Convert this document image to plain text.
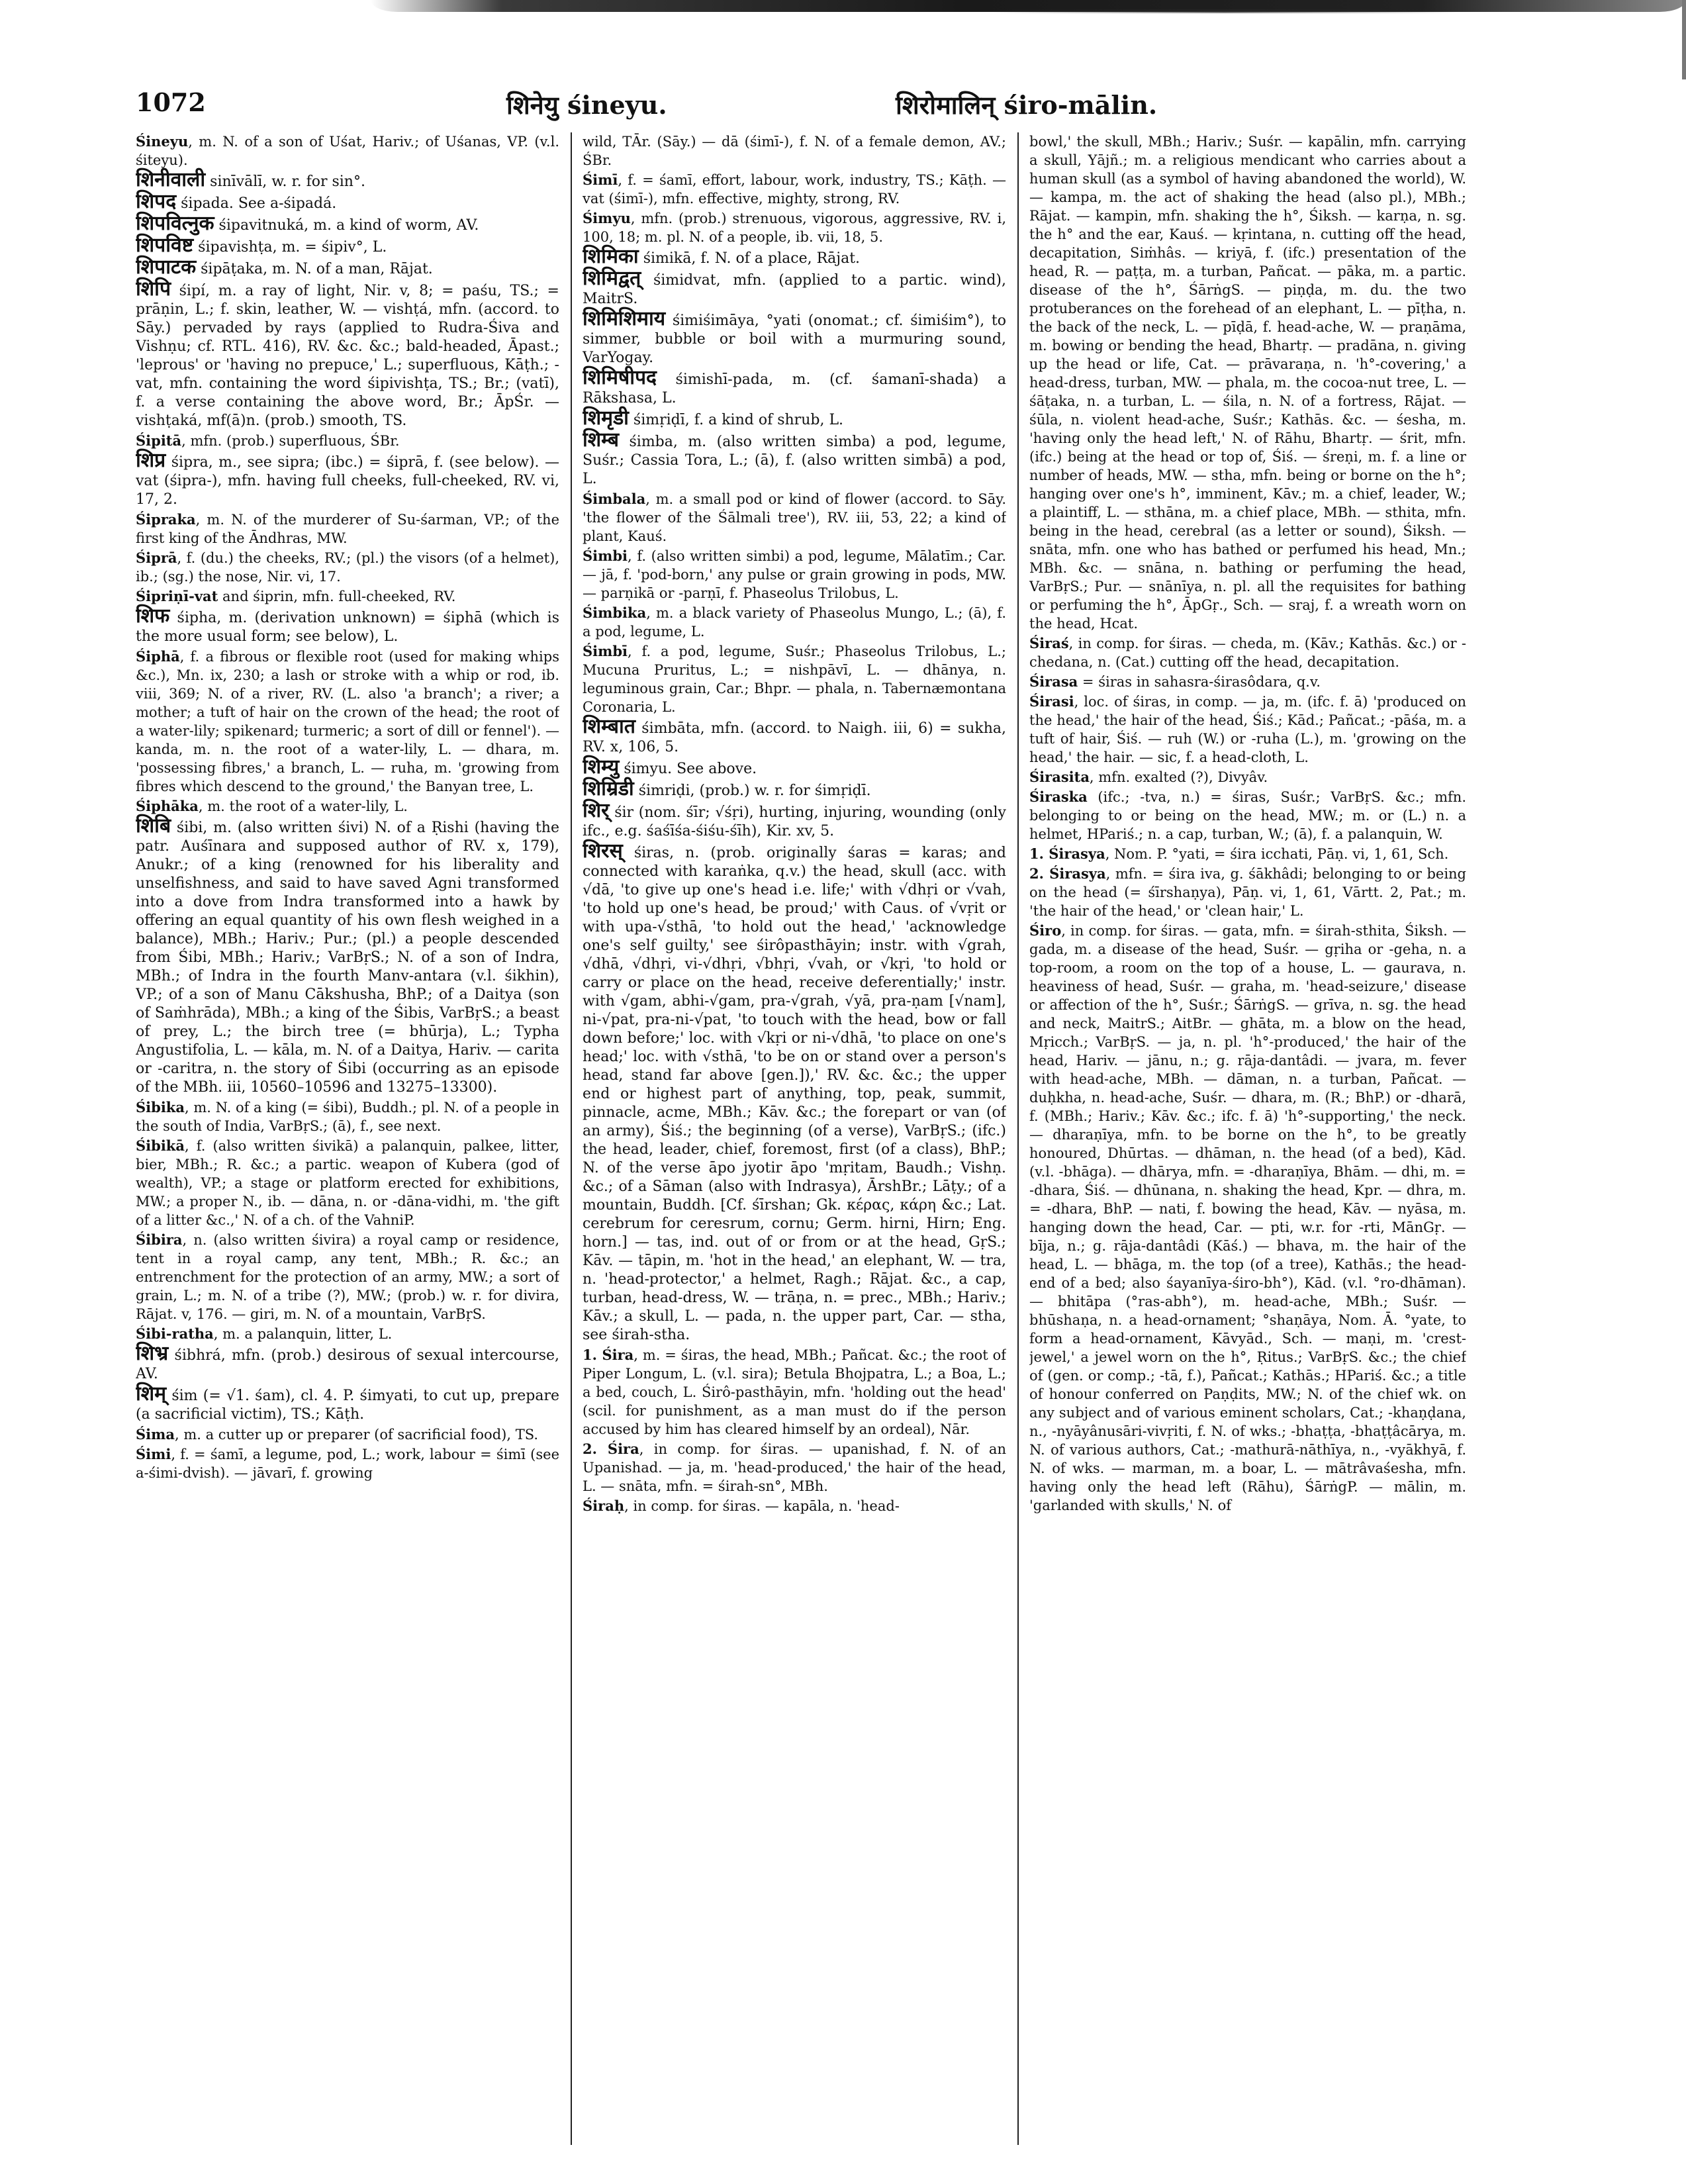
1072	शिनेयु śineyu.	शिरोमालिन् śiro-mālin.

Śineyu, m. N. of a son of Uśat, Hariv.; of Uśanas, VP. (v.l. śiteyu).

शिनीवाली sinīvālī, w. r. for sin°.

शिपद śipada. See a-śipadá.

शिपवित्नुक śipavitnuká, m. a kind of worm, AV.

शिपविष्ट śipavishṭa, m. = śipiv°, L.

शिपाटक śipāṭaka, m. N. of a man, Rājat.

शिपि śipí, m. a ray of light, Nir. v, 8; = paśu, TS.; = prāṇin, L.; f. skin, leather, W. — vishṭá, mfn. (accord. to Sāy.) pervaded by rays (applied to Rudra-Śiva and Vishṇu; cf. RTL. 416), RV. &c. &c.; bald-headed, Āpast.; 'leprous' or 'having no prepuce,' L.; superfluous, Kāṭh.; -vat, mfn. containing the word śipivishṭa, TS.; Br.; (vatī), f. a verse containing the above word, Br.; ĀpŚr. — vishṭaká, mf(ā)n. (prob.) smooth, TS.

Śipitā, mfn. (prob.) superfluous, ŚBr.

शिप्र śipra, m., see sipra; (ibc.) = śiprā, f. (see below). — vat (śipra-), mfn. having full cheeks, full-cheeked, RV. vi, 17, 2.

Śipraka, m. N. of the murderer of Su-śarman, VP.; of the first king of the Āndhras, MW.

Śiprā, f. (du.) the cheeks, RV.; (pl.) the visors (of a helmet), ib.; (sg.) the nose, Nir. vi, 17.

Śipriṇī-vat and śiprin, mfn. full-cheeked, RV.

शिफ śipha, m. (derivation unknown) = śiphā (which is the more usual form; see below), L.

Śiphā, f. a fibrous or flexible root (used for making whips &c.), Mn. ix, 230; a lash or stroke with a whip or rod, ib. viii, 369; N. of a river, RV. (L. also 'a branch'; a river; a mother; a tuft of hair on the crown of the head; the root of a water-lily; spikenard; turmeric; a sort of dill or fennel'). — kanda, m. n. the root of a water-lily, L. — dhara, m. 'possessing fibres,' a branch, L. — ruha, m. 'growing from fibres which descend to the ground,' the Banyan tree, L.

Śiphāka, m. the root of a water-lily, L.

शिबि śibi, m. (also written śivi) N. of a Ṛishi (having the patr. Auśīnara and supposed author of RV. x, 179), Anukr.; of a king (renowned for his liberality and unselfishness, and said to have saved Agni transformed into a dove from Indra transformed into a hawk by offering an equal quantity of his own flesh weighed in a balance), MBh.; Hariv.; Pur.; (pl.) a people descended from Śibi, MBh.; Hariv.; VarBṛS.; N. of a son of Indra, MBh.; of Indra in the fourth Manv-antara (v.l. śikhin), VP.; of a son of Manu Cākshusha, BhP.; of a Daitya (son of Saṁhrāda), MBh.; a king of the Śibis, VarBṛS.; a beast of prey, L.; the birch tree (= bhūrja), L.; Typha Angustifolia, L. — kāla, m. N. of a Daitya, Hariv. — carita or -caritra, n. the story of Śibi (occurring as an episode of the MBh. iii, 10560–10596 and 13275–13300).

Śibika, m. N. of a king (= śibi), Buddh.; pl. N. of a people in the south of India, VarBṛS.; (ā), f., see next.

Śibikā, f. (also written śivikā) a palanquin, palkee, litter, bier, MBh.; R. &c.; a partic. weapon of Kubera (god of wealth), VP.; a stage or platform erected for exhibitions, MW.; a proper N., ib. — dāna, n. or -dāna-vidhi, m. 'the gift of a litter &c.,' N. of a ch. of the VahniP.

Śibira, n. (also written śivira) a royal camp or residence, tent in a royal camp, any tent, MBh.; R. &c.; an entrenchment for the protection of an army, MW.; a sort of grain, L.; m. N. of a tribe (?), MW.; (prob.) w. r. for divira, Rājat. v, 176. — giri, m. N. of a mountain, VarBṛS.

Śibi-ratha, m. a palanquin, litter, L.

शिभ्र śibhrá, mfn. (prob.) desirous of sexual intercourse, AV.

शिम् śim (= √1. śam), cl. 4. P. śimyati, to cut up, prepare (a sacrificial victim), TS.; Kāṭh.

Śima, m. a cutter up or preparer (of sacrificial food), TS.

Śimi, f. = śamī, a legume, pod, L.; work, labour = śimī (see a-śimi-dvish). — jāvarī, f. growing

wild, TĀr. (Sāy.) — dā (śimī-), f. N. of a female demon, AV.; ŚBr.

Śimī, f. = śamī, effort, labour, work, industry, TS.; Kāṭh. — vat (śimī-), mfn. effective, mighty, strong, RV.

Śimyu, mfn. (prob.) strenuous, vigorous, aggressive, RV. i, 100, 18; m. pl. N. of a people, ib. vii, 18, 5.

शिमिका śimikā, f. N. of a place, Rājat.

शिमिद्वत् śimidvat, mfn. (applied to a partic. wind), MaitrS.

शिमिशिमाय śimiśimāya, °yati (onomat.; cf. śimiśim°), to simmer, bubble or boil with a murmuring sound, VarYogay.

शिमिषीपद śimishī-pada, m. (cf. śamanī-shada) a Rākshasa, L.

शिमृडी śimṛiḍī, f. a kind of shrub, L.

शिम्ब śimba, m. (also written simba) a pod, legume, Suśr.; Cassia Tora, L.; (ā), f. (also written simbā) a pod, L.

Śimbala, m. a small pod or kind of flower (accord. to Sāy. 'the flower of the Śālmali tree'), RV. iii, 53, 22; a kind of plant, Kauś.

Śimbi, f. (also written simbi) a pod, legume, Mālatīm.; Car. — jā, f. 'pod-born,' any pulse or grain growing in pods, MW. — parṇikā or -parṇī, f. Phaseolus Trilobus, L.

Śimbika, m. a black variety of Phaseolus Mungo, L.; (ā), f. a pod, legume, L.

Śimbī, f. a pod, legume, Suśr.; Phaseolus Trilobus, L.; Mucuna Pruritus, L.; = nishpāvī, L. — dhānya, n. leguminous grain, Car.; Bhpr. — phala, n. Tabernæmontana Coronaria, L.

शिम्बात śimbāta, mfn. (accord. to Naigh. iii, 6) = sukha, RV. x, 106, 5.

शिम्यु śimyu. See above.

शिम्रिडी śimriḍi, (prob.) w. r. for śimṛiḍī.

शिर् śir (nom. śīr; √śṛi), hurting, injuring, wounding (only ifc., e.g. śaśīśa-śiśu-śīh), Kir. xv, 5.

शिरस् śiras, n. (prob. originally śaras = karas; and connected with karaṅka, q.v.) the head, skull (acc. with √dā, 'to give up one's head i.e. life;' with √dhṛi or √vah, 'to hold up one's head, be proud;' with Caus. of √vṛit or with upa-√sthā, 'to hold out the head,' 'acknowledge one's self guilty,' see śirôpasthāyin; instr. with √grah, √dhā, √dhṛi, vi-√dhṛi, √bhṛi, √vah, or √kṛi, 'to hold or carry or place on the head, receive deferentially;' instr. with √gam, abhi-√gam, pra-√grah, √yā, pra-ṇam [√nam], ni-√pat, pra-ni-√pat, 'to touch with the head, bow or fall down before;' loc. with √kṛi or ni-√dhā, 'to place on one's head;' loc. with √sthā, 'to be on or stand over a person's head, stand far above [gen.]),' RV. &c. &c.; the upper end or highest part of anything, top, peak, summit, pinnacle, acme, MBh.; Kāv. &c.; the forepart or van (of an army), Śiś.; the beginning (of a verse), VarBṛS.; (ifc.) the head, leader, chief, foremost, first (of a class), BhP.; N. of the verse āpo jyotir āpo 'mṛitam, Baudh.; Vishṇ. &c.; of a Sāman (also with Indrasya), ĀrshBr.; Lāṭy.; of a mountain, Buddh. [Cf. śīrshan; Gk. κέρας, κάρη &c.; Lat. cerebrum for ceresrum, cornu; Germ. hirni, Hirn; Eng. horn.] — tas, ind. out of or from or at the head, GṛS.; Kāv. — tāpin, m. 'hot in the head,' an elephant, W. — tra, n. 'head-protector,' a helmet, Ragh.; Rājat. &c., a cap, turban, head-dress, W. — trāṇa, n. = prec., MBh.; Hariv.; Kāv.; a skull, L. — pada, n. the upper part, Car. — stha, see śirah-stha.

1. Śira, m. = śiras, the head, MBh.; Pañcat. &c.; the root of Piper Longum, L. (v.l. sira); Betula Bhojpatra, L.; a Boa, L.; a bed, couch, L. Śirô-pasthāyin, mfn. 'holding out the head' (scil. for punishment, as a man must do if the person accused by him has cleared himself by an ordeal), Nār.

2. Śira, in comp. for śiras. — upanishad, f. N. of an Upanishad. — ja, m. 'head-produced,' the hair of the head, L. — snāta, mfn. = śirah-sn°, MBh.

Śiraḥ, in comp. for śiras. — kapāla, n. 'head-

bowl,' the skull, MBh.; Hariv.; Suśr. — kapālin, mfn. carrying a skull, Yājñ.; m. a religious mendicant who carries about a human skull (as a symbol of having abandoned the world), W. — kampa, m. the act of shaking the head (also pl.), MBh.; Rājat. — kampin, mfn. shaking the h°, Śiksh. — karṇa, n. sg. the h° and the ear, Kauś. — kṛintana, n. cutting off the head, decapitation, Siṁhâs. — kriyā, f. (ifc.) presentation of the head, R. — paṭṭa, m. a turban, Pañcat. — pāka, m. a partic. disease of the h°, ŚārṅgS. — piṇḍa, m. du. the two protuberances on the forehead of an elephant, L. — pīṭha, n. the back of the neck, L. — pīḍā, f. head-ache, W. — praṇāma, m. bowing or bending the head, Bhartṛ. — pradāna, n. giving up the head or life, Cat. — prāvaraṇa, n. 'h°-covering,' a head-dress, turban, MW. — phala, m. the cocoa-nut tree, L. — śāṭaka, n. a turban, L. — śila, n. N. of a fortress, Rājat. — śūla, n. violent head-ache, Suśr.; Kathās. &c. — śesha, m. 'having only the head left,' N. of Rāhu, Bhartṛ. — śrit, mfn. (ifc.) being at the head or top of, Śiś. — śreṇi, m. f. a line or number of heads, MW. — stha, mfn. being or borne on the h°; hanging over one's h°, imminent, Kāv.; m. a chief, leader, W.; a plaintiff, L. — sthāna, m. a chief place, MBh. — sthita, mfn. being in the head, cerebral (as a letter or sound), Śiksh. — snāta, mfn. one who has bathed or perfumed his head, Mn.; MBh. &c. — snāna, n. bathing or perfuming the head, VarBṛS.; Pur. — snānīya, n. pl. all the requisites for bathing or perfuming the h°, ĀpGṛ., Sch. — sraj, f. a wreath worn on the head, Hcat.

Śiraś, in comp. for śiras. — cheda, m. (Kāv.; Kathās. &c.) or -chedana, n. (Cat.) cutting off the head, decapitation.

Śirasa = śiras in sahasra-śirasôdara, q.v.

Śirasi, loc. of śiras, in comp. — ja, m. (ifc. f. ā) 'produced on the head,' the hair of the head, Śiś.; Kād.; Pañcat.; -pāśa, m. a tuft of hair, Śiś. — ruh (W.) or -ruha (L.), m. 'growing on the head,' the hair. — sic, f. a head-cloth, L.

Śirasita, mfn. exalted (?), Divyâv.

Śiraska (ifc.; -tva, n.) = śiras, Suśr.; VarBṛS. &c.; mfn. belonging to or being on the head, MW.; m. or (L.) n. a helmet, HPariś.; n. a cap, turban, W.; (ā), f. a palanquin, W.

1. Śirasya, Nom. P. °yati, = śira icchati, Pāṇ. vi, 1, 61, Sch.

2. Śirasya, mfn. = śira iva, g. śākhâdi; belonging to or being on the head (= śīrshaṇya), Pāṇ. vi, 1, 61, Vārtt. 2, Pat.; m. 'the hair of the head,' or 'clean hair,' L.

Śiro, in comp. for śiras. — gata, mfn. = śirah-sthita, Śiksh. — gada, m. a disease of the head, Suśr. — gṛiha or -geha, n. a top-room, a room on the top of a house, L. — gaurava, n. heaviness of head, Suśr. — graha, m. 'head-seizure,' disease or affection of the h°, Suśr.; ŚārṅgS. — grīva, n. sg. the head and neck, MaitrS.; AitBr. — ghāta, m. a blow on the head, Mṛicch.; VarBṛS. — ja, n. pl. 'h°-produced,' the hair of the head, Hariv. — jānu, n.; g. rāja-dantâdi. — jvara, m. fever with head-ache, MBh. — dāman, n. a turban, Pañcat. — duḥkha, n. head-ache, Suśr. — dhara, m. (R.; BhP.) or -dharā, f. (MBh.; Hariv.; Kāv. &c.; ifc. f. ā) 'h°-supporting,' the neck. — dharaṇīya, mfn. to be borne on the h°, to be greatly honoured, Dhūrtas. — dhāman, n. the head (of a bed), Kād. (v.l. -bhāga). — dhārya, mfn. = -dharaṇīya, Bhām. — dhi, m. = -dhara, Śiś. — dhūnana, n. shaking the head, Kpr. — dhra, m. = -dhara, BhP. — nati, f. bowing the head, Kāv. — nyāsa, m. hanging down the head, Car. — pti, w.r. for -rti, MānGṛ. — bīja, n.; g. rāja-dantâdi (Kāś.) — bhava, m. the hair of the head, L. — bhāga, m. the top (of a tree), Kathās.; the head-end of a bed; also śayanīya-śiro-bh°), Kād. (v.l. °ro-dhāman). — bhitāpa (°ras-abh°), m. head-ache, MBh.; Suśr. — bhūshaṇa, n. a head-ornament; °shaṇāya, Nom. Ā. °yate, to form a head-ornament, Kāvyād., Sch. — maṇi, m. 'crest-jewel,' a jewel worn on the h°, Ṛitus.; VarBṛS. &c.; the chief of (gen. or comp.; -tā, f.), Pañcat.; Kathās.; HPariś. &c.; a title of honour conferred on Paṇḍits, MW.; N. of the chief wk. on any subject and of various eminent scholars, Cat.; -khaṇḍana, n., -nyāyânusāri-vivṛiti, f. N. of wks.; -bhaṭṭa, -bhaṭṭâcārya, m. N. of various authors, Cat.; -mathurā-nāthīya, n., -vyākhyā, f. N. of wks. — marman, m. a boar, L. — mātrâvaśesha, mfn. having only the head left (Rāhu), ŚārṅgP. — mālin, m. 'garlanded with skulls,' N. of
